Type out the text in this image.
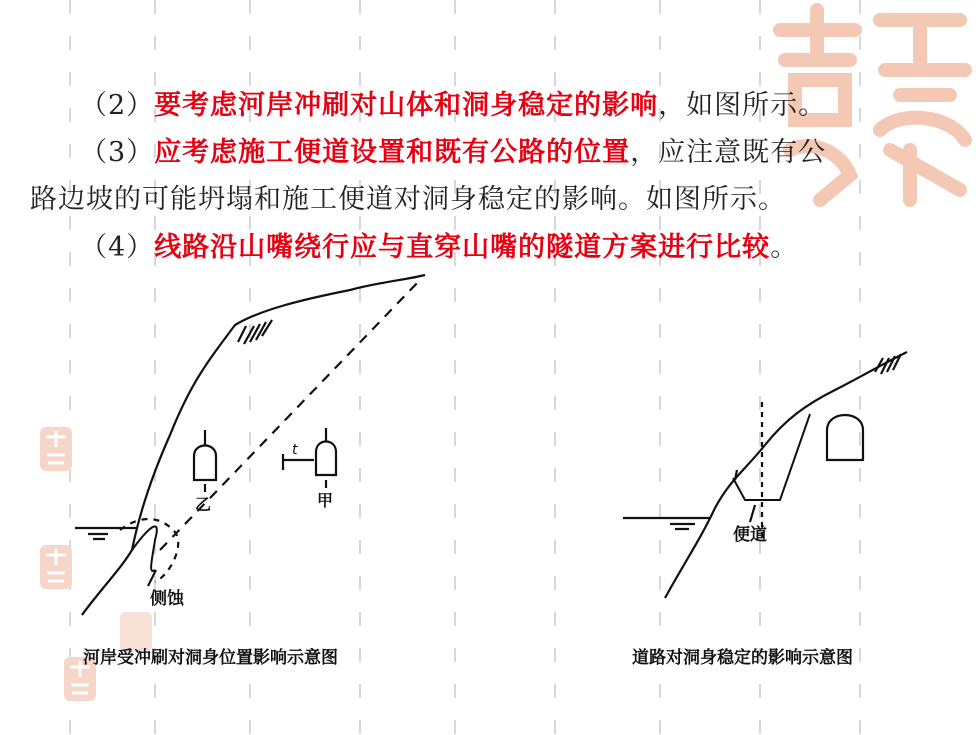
（2）要考虑河岸冲刷对山体和洞身稳定的影响，如图所示。
（3）应考虑施工便道设置和既有公路的位置，应注意既有公
路边坡的可能坍塌和施工便道对洞身稳定的影响。如图所示。
（4）线路沿山嘴绕行应与直穿山嘴的隧道方案进行比较。
t
乙	甲
侧蚀
便道
河岸受冲刷对洞身位置影响示意图	道路对洞身稳定的影响示意图
